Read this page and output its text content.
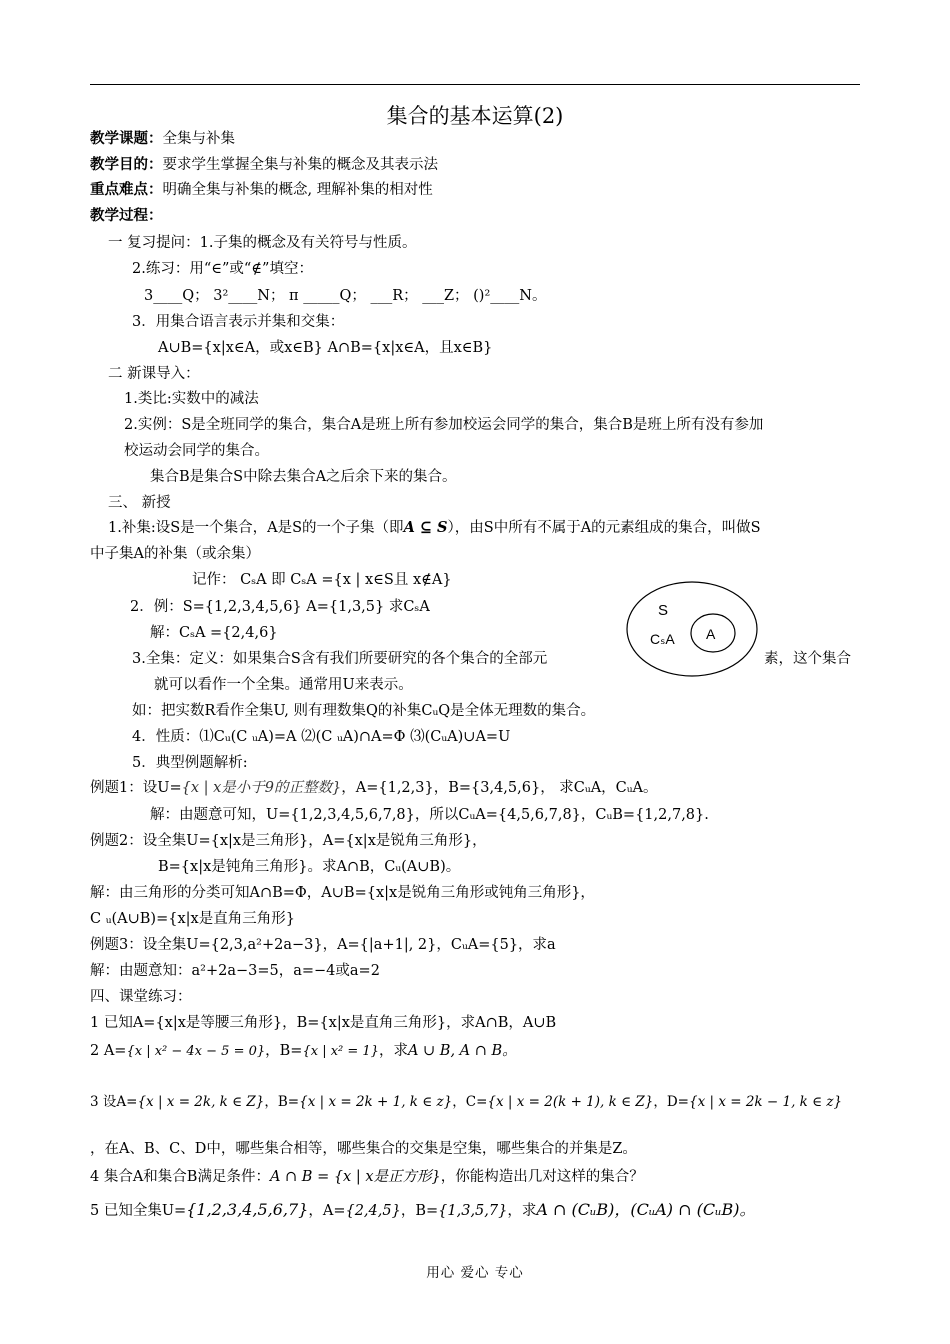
集合的基本运算(2)
教学课题：全集与补集
教学目的：要求学生掌握全集与补集的概念及其表示法
重点难点：明确全集与补集的概念, 理解补集的相对性
教学过程：
一 复习提问：1.子集的概念及有关符号与性质。
2.练习：用“∈”或“∉”填空：
3____Q； 3²____N； π _____Q； ___R； ___Z； ()²____N。
3．用集合语言表示并集和交集：
A∪B={x|x∈A，或x∈B} A∩B={x|x∈A，且x∈B}
二 新课导入：
1.类比:实数中的减法
2.实例：S是全班同学的集合，集合A是班上所有参加校运会同学的集合，集合B是班上所有没有参加
校运动会同学的集合。
集合B是集合S中除去集合A之后余下来的集合。
三、 新授
1.补集:设S是一个集合，A是S的一个子集（即A ⊆ S），由S中所有不属于A的元素组成的集合，叫做S
中子集A的补集（或余集）
记作： CₛA 即 CₛA ={x | x∈S且 x∉A}
2．例：S={1,2,3,4,5,6} A={1,3,5} 求CₛA
解：CₛA ={2,4,6}
3.全集：定义：如果集合S含有我们所要研究的各个集合的全部元	素，这个集合
就可以看作一个全集。通常用U来表示。
如：把实数R看作全集U, 则有理数集Q的补集CᵤQ是全体无理数的集合。
4．性质：⑴Cᵤ(C ᵤA)=A ⑵(C ᵤA)∩A=Φ ⑶(CᵤA)∪A=U
5．典型例题解析:
S
CₛA A
例题1：设U={x | x是小于9的正整数}，A={1,2,3}，B={3,4,5,6}， 求CᵤA，CᵤA。
解：由题意可知，U={1,2,3,4,5,6,7,8}，所以CᵤA={4,5,6,7,8}，CᵤB={1,2,7,8}.
例题2：设全集U={x|x是三角形}，A={x|x是锐角三角形}，
B={x|x是钝角三角形}。求A∩B，Cᵤ(A∪B)。
解：由三角形的分类可知A∩B=Φ，A∪B={x|x是锐角三角形或钝角三角形}，
C ᵤ(A∪B)={x|x是直角三角形}
例题3：设全集U={2,3,a²+2a−3}，A={|a+1|, 2}，CᵤA={5}，求a
解：由题意知：a²+2a−3=5，a=−4或a=2
四、课堂练习：
1 已知A={x|x是等腰三角形}，B={x|x是直角三角形}，求A∩B，A∪B
2 A={x | x² − 4x − 5 = 0}，B={x | x² = 1}，求A ∪ B, A ∩ B。
3 设A={x | x = 2k, k ∈ Z}，B={x | x = 2k + 1, k ∈ z}，C={x | x = 2(k + 1), k ∈ Z}，D={x | x = 2k − 1, k ∈ z}
，在A、B、C、D中，哪些集合相等，哪些集合的交集是空集，哪些集合的并集是Z。
4 集合A和集合B满足条件：A ∩ B = {x | x是正方形}，你能构造出几对这样的集合？
5 已知全集U={1,2,3,4,5,6,7}，A={2,4,5}，B={1,3,5,7}，求A ∩ (CᵤB)，(CᵤA) ∩ (CᵤB)。
用心 爱心 专心
